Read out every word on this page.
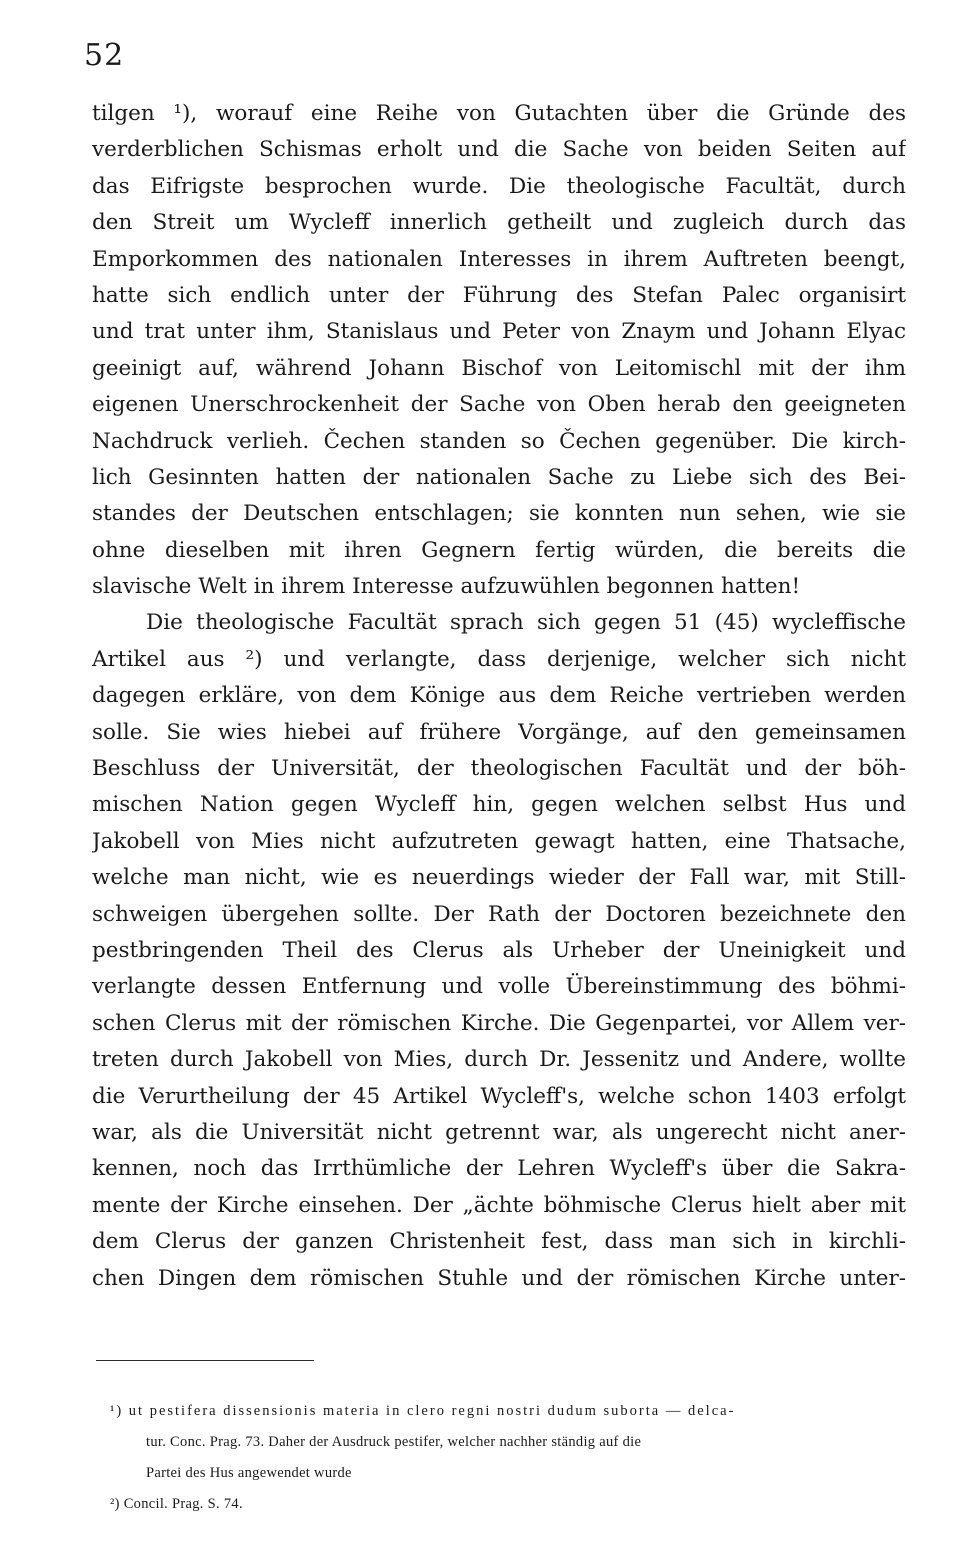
52
tilgen ¹), worauf eine Reihe von Gutachten über die Gründe des
verderblichen Schismas erholt und die Sache von beiden Seiten auf
das Eifrigste besprochen wurde. Die theologische Facultät, durch
den Streit um Wycleff innerlich getheilt und zugleich durch das
Emporkommen des nationalen Interesses in ihrem Auftreten beengt,
hatte sich endlich unter der Führung des Stefan Palec organisirt
und trat unter ihm, Stanislaus und Peter von Znaym und Johann Elyac
geeinigt auf, während Johann Bischof von Leitomischl mit der ihm
eigenen Unerschrockenheit der Sache von Oben herab den geeigneten
Nachdruck verlieh. Čechen standen so Čechen gegenüber. Die kirch-
lich Gesinnten hatten der nationalen Sache zu Liebe sich des Bei-
standes der Deutschen entschlagen; sie konnten nun sehen, wie sie
ohne dieselben mit ihren Gegnern fertig würden, die bereits die
slavische Welt in ihrem Interesse aufzuwühlen begonnen hatten!
Die theologische Facultät sprach sich gegen 51 (45) wycleffische
Artikel aus ²) und verlangte, dass derjenige, welcher sich nicht
dagegen erkläre, von dem Könige aus dem Reiche vertrieben werden
solle. Sie wies hiebei auf frühere Vorgänge, auf den gemeinsamen
Beschluss der Universität, der theologischen Facultät und der böh-
mischen Nation gegen Wycleff hin, gegen welchen selbst Hus und
Jakobell von Mies nicht aufzutreten gewagt hatten, eine Thatsache,
welche man nicht, wie es neuerdings wieder der Fall war, mit Still-
schweigen übergehen sollte. Der Rath der Doctoren bezeichnete den
pestbringenden Theil des Clerus als Urheber der Uneinigkeit und
verlangte dessen Entfernung und volle Übereinstimmung des böhmi-
schen Clerus mit der römischen Kirche. Die Gegenpartei, vor Allem ver-
treten durch Jakobell von Mies, durch Dr. Jessenitz und Andere, wollte
die Verurtheilung der 45 Artikel Wycleff's, welche schon 1403 erfolgt
war, als die Universität nicht getrennt war, als ungerecht nicht aner-
kennen, noch das Irrthümliche der Lehren Wycleff's über die Sakra-
mente der Kirche einsehen. Der „ächte böhmische Clerus hielt aber mit
dem Clerus der ganzen Christenheit fest, dass man sich in kirchli-
chen Dingen dem römischen Stuhle und der römischen Kirche unter-
¹) ut pestifera dissensionis materia in clero regni nostri dudum suborta — delca-
tur. Conc. Prag. 73. Daher der Ausdruck pestifer, welcher nachher ständig auf die
Partei des Hus angewendet wurde
²) Concil. Prag. S. 74.
